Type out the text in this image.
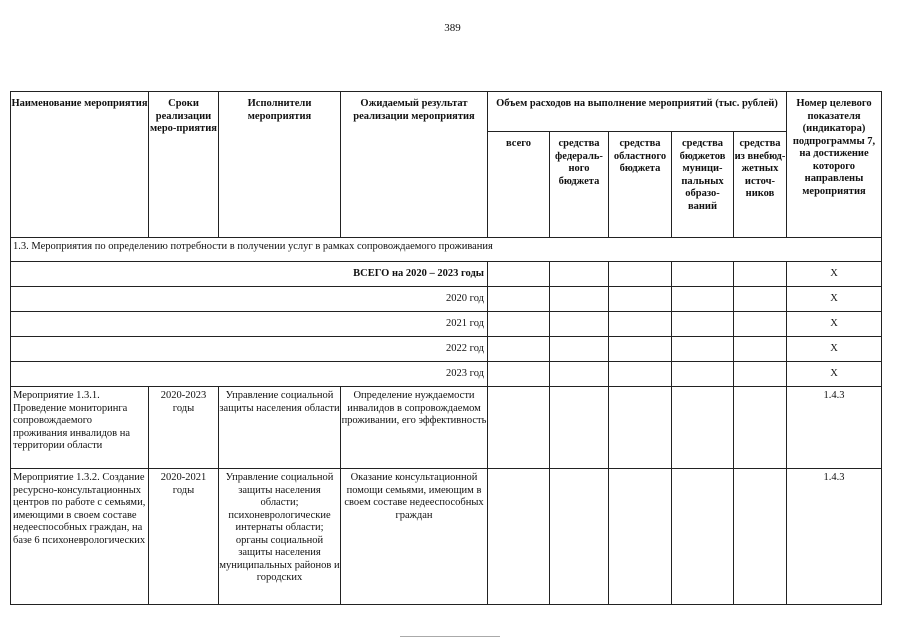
389
Наименование мероприятия	Сроки реализации меро-приятия	Исполнители мероприятия	Ожидаемый результат реализации мероприятия	Объем расходов на выполнение мероприятий (тыс. рублей)					Номер целевого показателя (индикатора) подпрограммы 7, на достижение которого направлены мероприятия
				всего	средства федераль-ного бюджета	средства областного бюджета	средства бюджетов муници-пальных образо-ваний	средства из внебюд-жетных источ-ников	
1.3. Мероприятия по определению потребности в получении услуг в рамках сопровождаемого проживания									
ВСЕГО на 2020 – 2023 годы									X
2020 год									X
2021 год									X
2022 год									X
2023 год									X
Мероприятие 1.3.1. Проведение мониторинга сопровождаемого проживания инвалидов на территории области	2020-2023 годы	Управление социальной защиты населения области	Определение нуждаемости инвалидов в сопровождаемом проживании, его эффективность						1.4.3
Мероприятие 1.3.2. Создание ресурсно-консультационных центров по работе с семьями, имеющими в своем составе недееспособных граждан, на базе 6 психоневрологических	2020-2021 годы	Управление социальной защиты населения области; психоневрологические интернаты области; органы социальной защиты населения муниципальных районов и городских	Оказание консультационной помощи семьями, имеющим в своем составе недееспособных граждан						1.4.3
